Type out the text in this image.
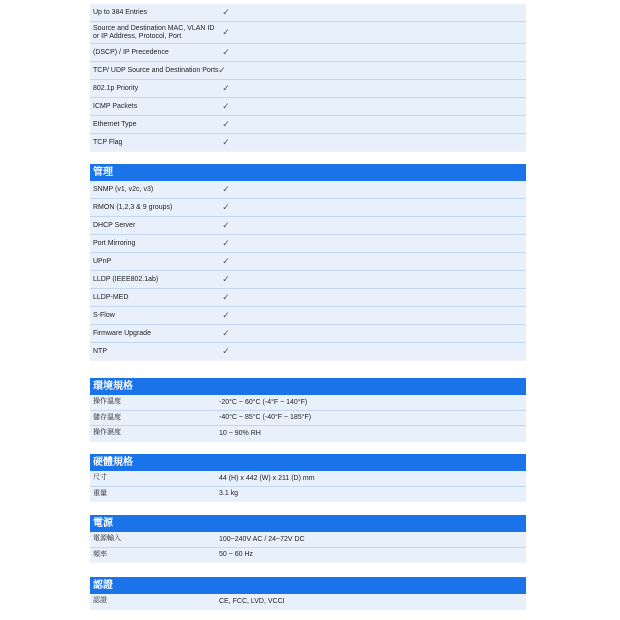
Up to 384 Entries	✓
Source and Destination MAC, VLAN ID or IP Address, Protocol, Port	✓
(DSCP) / IP Precedence	✓
TCP/ UDP Source and Destination Ports ✓
802.1p Priority	✓
ICMP Packets	✓
Ethernet Type	✓
TCP Flag	✓
管理
SNMP (v1, v2c, v3)	✓
RMON (1,2,3 & 9 groups)	✓
DHCP Server	✓
Port Mirroring	✓
UPnP	✓
LLDP (IEEE802.1ab)	✓
LLDP-MED	✓
S-Flow	✓
Firmware Upgrade	✓
NTP	✓
環境規格
操作溫度	-20°C ~ 60°C (-4°F ~ 140°F)
儲存溫度	-40°C ~ 85°C (-40°F ~ 185°F)
操作濕度	10 ~ 90% RH
硬體規格
尺寸	44 (H) x 442 (W) x 211 (D) mm
重量	3.1 kg
電源
電源輸入	100~240V AC / 24~72V DC
頻率	50 ~ 60 Hz
認證
認證	CE, FCC, LVD, VCCI
